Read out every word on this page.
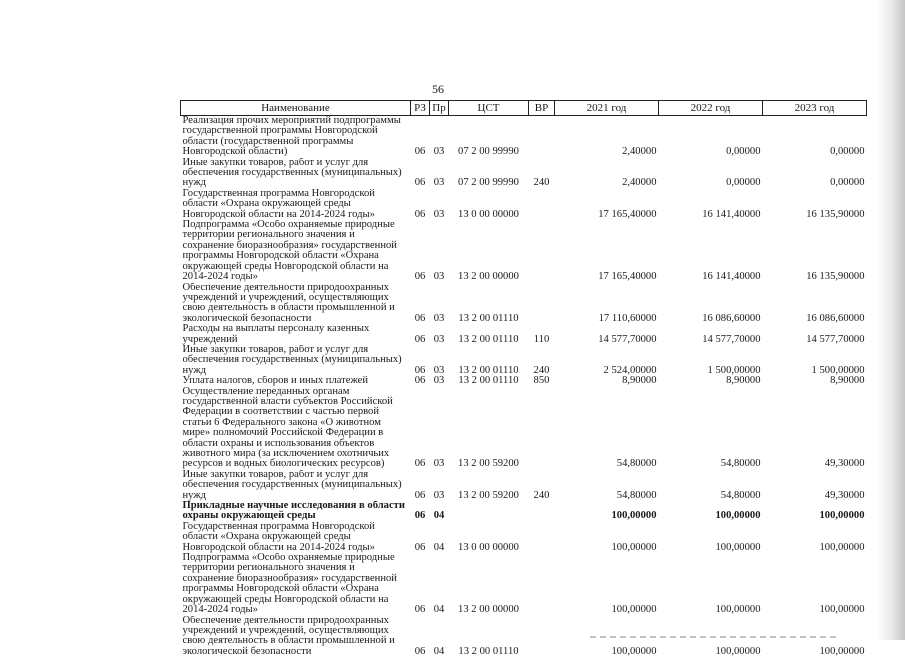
56
Наименование	РЗ	Пр	ЦСТ	ВР	2021 год	2022 год	2023 год
Реализация прочих мероприятий подпрограммы государственной программы Новгородской области (государственной программы Новгородской области)	06	03	07 2 00 99990		2,40000	0,00000	0,00000
Иные закупки товаров, работ и услуг для обеспечения государственных (муниципальных) нужд	06	03	07 2 00 99990	240	2,40000	0,00000	0,00000
Государственная программа Новгородской области «Охрана окружающей среды Новгородской области на 2014-2024 годы»	06	03	13 0 00 00000		17 165,40000	16 141,40000	16 135,90000
Подпрограмма «Особо охраняемые природные территории регионального значения и сохранение биоразнообразия» государственной программы Новгородской области «Охрана окружающей среды Новгородской области на 2014-2024 годы»	06	03	13 2 00 00000		17 165,40000	16 141,40000	16 135,90000
Обеспечение деятельности природоохранных учреждений и учреждений, осуществляющих свою деятельность в области промышленной и экологической безопасности	06	03	13 2 00 01110		17 110,60000	16 086,60000	16 086,60000
Расходы на выплаты персоналу казенных учреждений	06	03	13 2 00 01110	110	14 577,70000	14 577,70000	14 577,70000
Иные закупки товаров, работ и услуг для обеспечения государственных (муниципальных) нужд	06	03	13 2 00 01110	240	2 524,00000	1 500,00000	1 500,00000
Уплата налогов, сборов и иных платежей	06	03	13 2 00 01110	850	8,90000	8,90000	8,90000
Осуществление переданных органам государственной власти субъектов Российской Федерации в соответствии с частью первой статьи 6 Федерального закона «О животном мире» полномочий Российской Федерации в области охраны и использования объектов животного мира (за исключением охотничьих ресурсов и водных биологических ресурсов)	06	03	13 2 00 59200		54,80000	54,80000	49,30000
Иные закупки товаров, работ и услуг для обеспечения государственных (муниципальных) нужд	06	03	13 2 00 59200	240	54,80000	54,80000	49,30000
Прикладные научные исследования в области охраны окружающей среды	06	04			100,00000	100,00000	100,00000
Государственная программа Новгородской области «Охрана окружающей среды Новгородской области на 2014-2024 годы»	06	04	13 0 00 00000		100,00000	100,00000	100,00000
Подпрограмма «Особо охраняемые природные территории регионального значения и сохранение биоразнообразия» государственной программы Новгородской области «Охрана окружающей среды Новгородской области на 2014-2024 годы»	06	04	13 2 00 00000		100,00000	100,00000	100,00000
Обеспечение деятельности природоохранных учреждений и учреждений, осуществляющих свою деятельность в области промышленной и экологической безопасности	06	04	13 2 00 01110		100,00000	100,00000	100,00000
